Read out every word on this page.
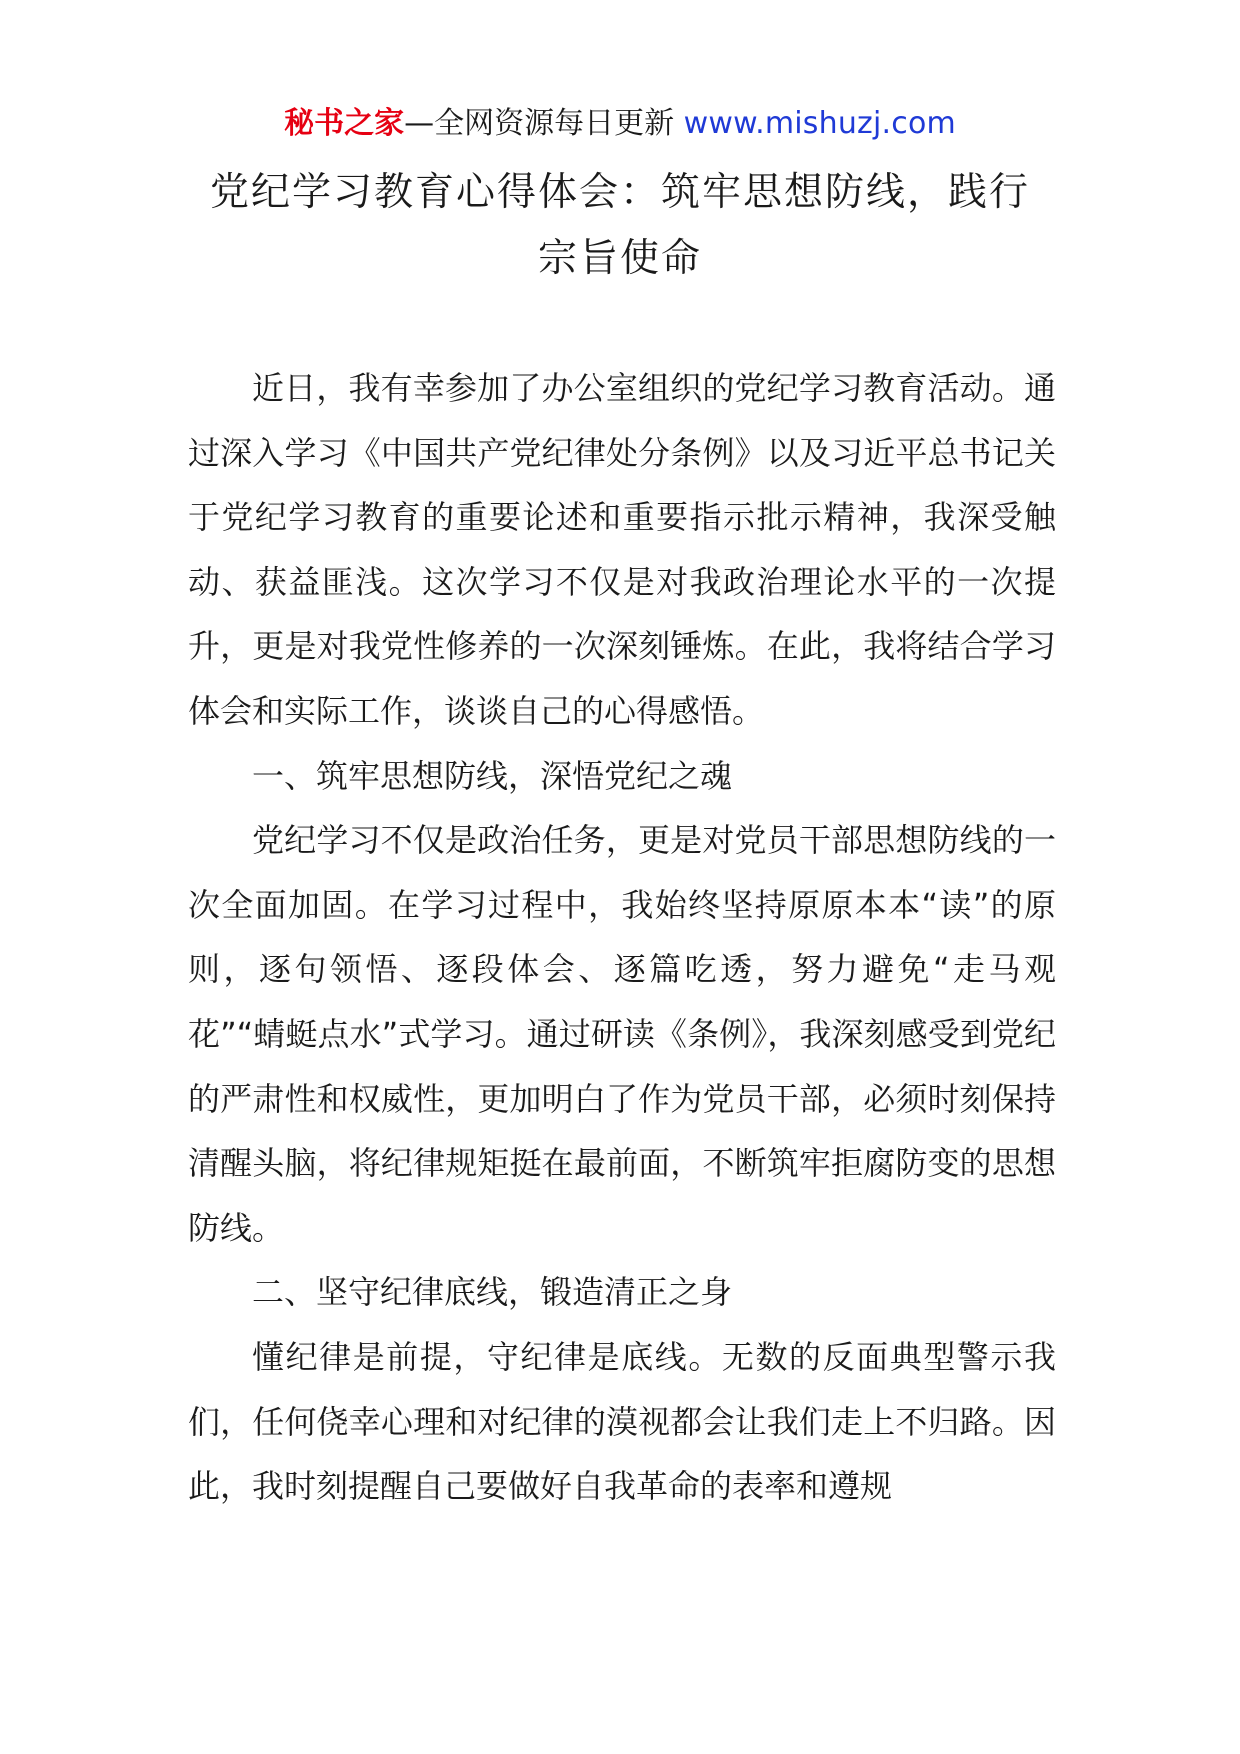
秘书之家—全网资源每日更新 www.mishuzj.com
党纪学习教育心得体会：筑牢思想防线，践行
宗旨使命

近日，我有幸参加了办公室组织的党纪学习教育活动。通过深入学习《中国共产党纪律处分条例》以及习近平总书记关于党纪学习教育的重要论述和重要指示批示精神，我深受触动、获益匪浅。这次学习不仅是对我政治理论水平的一次提升，更是对我党性修养的一次深刻锤炼。在此，我将结合学习体会和实际工作，谈谈自己的心得感悟。

一、筑牢思想防线，深悟党纪之魂

党纪学习不仅是政治任务，更是对党员干部思想防线的一次全面加固。在学习过程中，我始终坚持原原本本“读”的原则，逐句领悟、逐段体会、逐篇吃透，努力避免“走马观花”“蜻蜓点水”式学习。通过研读《条例》，我深刻感受到党纪的严肃性和权威性，更加明白了作为党员干部，必须时刻保持清醒头脑，将纪律规矩挺在最前面，不断筑牢拒腐防变的思想防线。

二、坚守纪律底线，锻造清正之身

懂纪律是前提，守纪律是底线。无数的反面典型警示我们，任何侥幸心理和对纪律的漠视都会让我们走上不归路。因此，我时刻提醒自己要做好自我革命的表率和遵规
